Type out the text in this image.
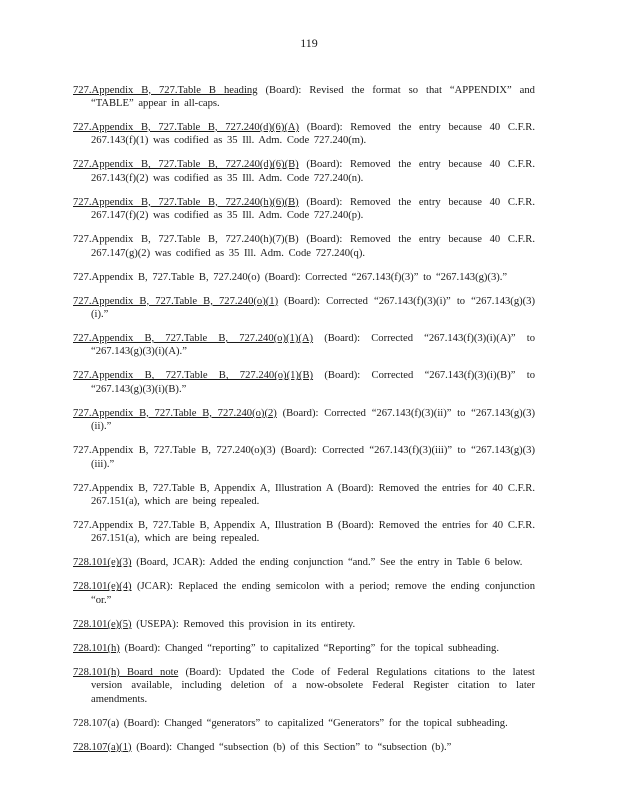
119

727.Appendix B, 727.Table B heading (Board): Revised the format so that “APPENDIX” and “TABLE” appear in all-caps.

727.Appendix B, 727.Table B, 727.240(d)(6)(A) (Board): Removed the entry because 40 C.F.R. 267.143(f)(1) was codified as 35 Ill. Adm. Code 727.240(m).

727.Appendix B, 727.Table B, 727.240(d)(6)(B) (Board): Removed the entry because 40 C.F.R. 267.143(f)(2) was codified as 35 Ill. Adm. Code 727.240(n).

727.Appendix B, 727.Table B, 727.240(h)(6)(B) (Board): Removed the entry because 40 C.F.R. 267.147(f)(2) was codified as 35 Ill. Adm. Code 727.240(p).

727.Appendix B, 727.Table B, 727.240(h)(7)(B) (Board): Removed the entry because 40 C.F.R. 267.147(g)(2) was codified as 35 Ill. Adm. Code 727.240(q).

727.Appendix B, 727.Table B, 727.240(o) (Board): Corrected “267.143(f)(3)” to “267.143(g)(3).”

727.Appendix B, 727.Table B, 727.240(o)(1) (Board): Corrected “267.143(f)(3)(i)” to “267.143(g)(3)(i).”

727.Appendix B, 727.Table B, 727.240(o)(1)(A) (Board): Corrected “267.143(f)(3)(i)(A)” to “267.143(g)(3)(i)(A).”

727.Appendix B, 727.Table B, 727.240(o)(1)(B) (Board): Corrected “267.143(f)(3)(i)(B)” to “267.143(g)(3)(i)(B).”

727.Appendix B, 727.Table B, 727.240(o)(2) (Board): Corrected “267.143(f)(3)(ii)” to “267.143(g)(3)(ii).”

727.Appendix B, 727.Table B, 727.240(o)(3) (Board): Corrected “267.143(f)(3)(iii)” to “267.143(g)(3)(iii).”

727.Appendix B, 727.Table B, Appendix A, Illustration A (Board): Removed the entries for 40 C.F.R. 267.151(a), which are being repealed.

727.Appendix B, 727.Table B, Appendix A, Illustration B (Board): Removed the entries for 40 C.F.R. 267.151(a), which are being repealed.

728.101(e)(3) (Board, JCAR): Added the ending conjunction “and.” See the entry in Table 6 below.

728.101(e)(4) (JCAR): Replaced the ending semicolon with a period; remove the ending conjunction “or.”

728.101(e)(5) (USEPA): Removed this provision in its entirety.

728.101(h) (Board): Changed “reporting” to capitalized “Reporting” for the topical subheading.

728.101(h) Board note (Board): Updated the Code of Federal Regulations citations to the latest version available, including deletion of a now-obsolete Federal Register citation to later amendments.

728.107(a) (Board): Changed “generators” to capitalized “Generators” for the topical subheading.

728.107(a)(1) (Board): Changed “subsection (b) of this Section” to “subsection (b).”
